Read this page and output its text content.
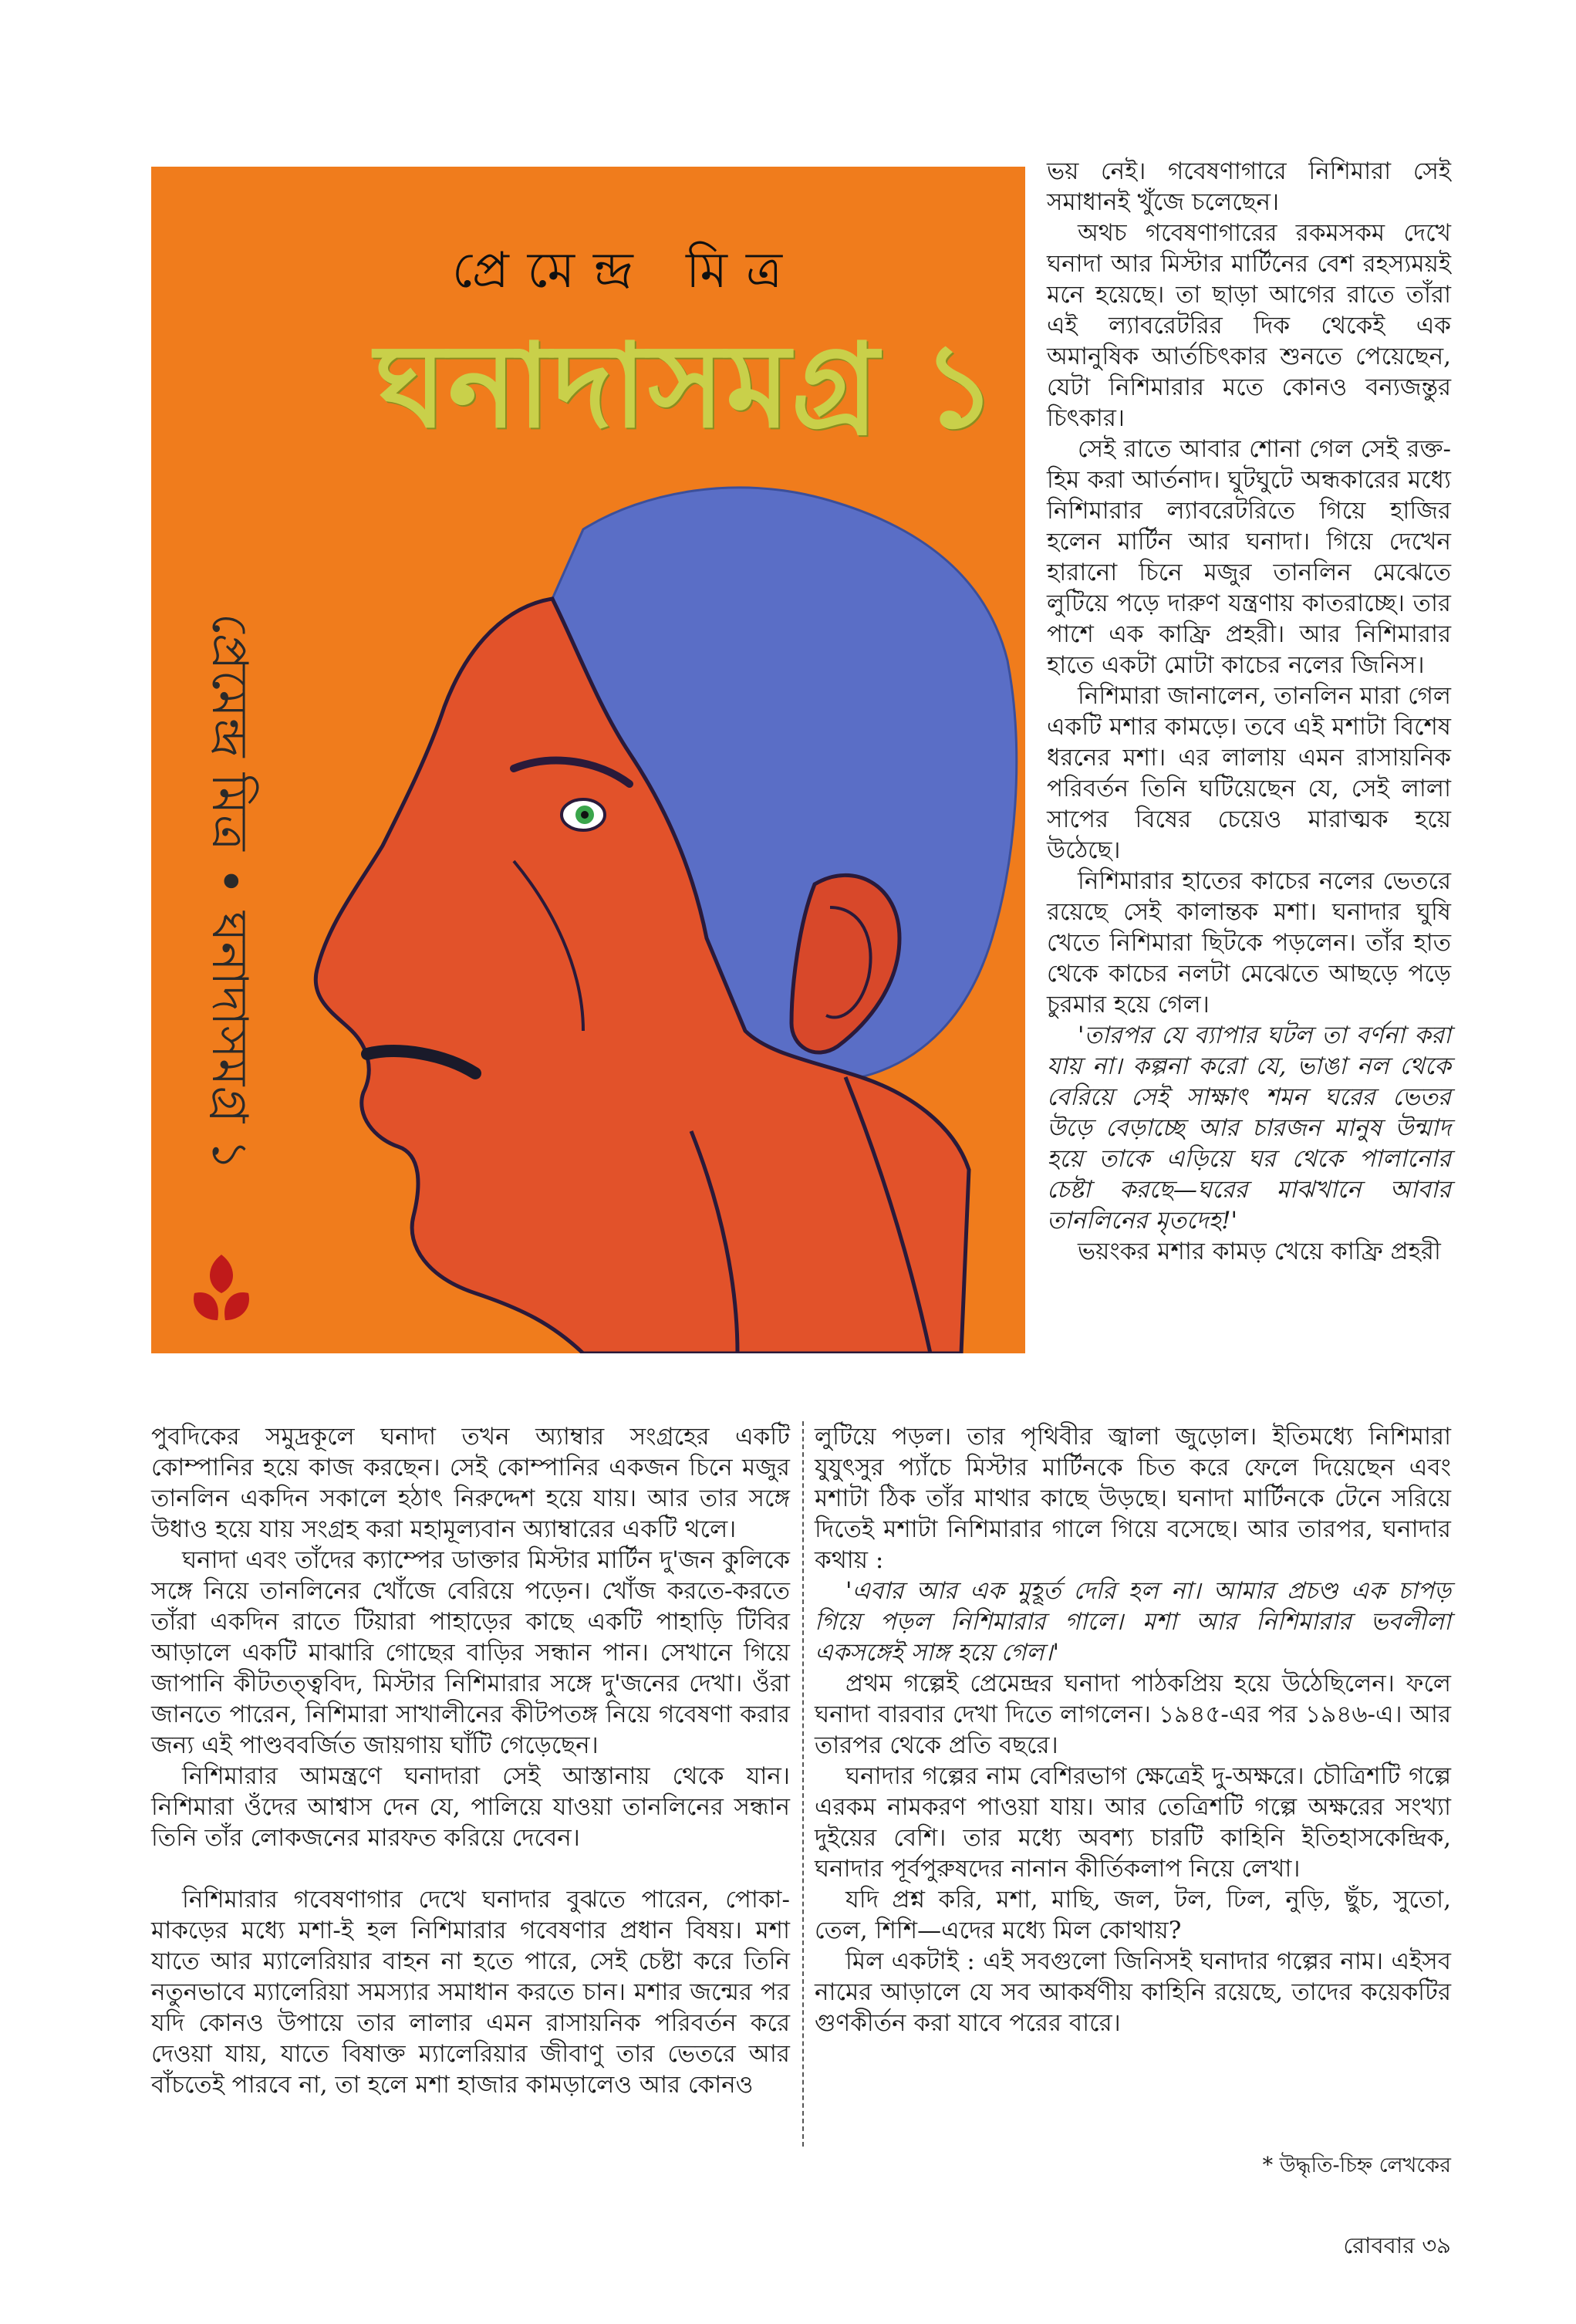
প্রেমেন্দ্র মিত্র
ঘনাদাসমগ্র ১
প্রেমেন্দ্র মিত্র • ঘনাদাসমগ্র ১

ভয় নেই। গবেষণাগারে নিশিমারা সেই সমাধানই খুঁজে চলেছেন।

অথচ গবেষণাগারের রকমসকম দেখে ঘনাদা আর মিস্টার মার্টিনের বেশ রহস্যময়ই মনে হয়েছে। তা ছাড়া আগের রাতে তাঁরা এই ল্যাবরেটরির দিক থেকেই এক অমানুষিক আর্তচিৎকার শুনতে পেয়েছেন, যেটা নিশিমারার মতে কোনও বন্যজন্তুর চিৎকার।

সেই রাতে আবার শোনা গেল সেই রক্ত-হিম করা আর্তনাদ। ঘুটঘুটে অন্ধকারের মধ্যে নিশিমারার ল্যাবরেটরিতে গিয়ে হাজির হলেন মার্টিন আর ঘনাদা। গিয়ে দেখেন হারানো চিনে মজুর তানলিন মেঝেতে লুটিয়ে পড়ে দারুণ যন্ত্রণায় কাতরাচ্ছে। তার পাশে এক কাফ্রি প্রহরী। আর নিশিমারার হাতে একটা মোটা কাচের নলের জিনিস।

নিশিমারা জানালেন, তানলিন মারা গেল একটি মশার কামড়ে। তবে এই মশাটা বিশেষ ধরনের মশা। এর লালায় এমন রাসায়নিক পরিবর্তন তিনি ঘটিয়েছেন যে, সেই লালা সাপের বিষের চেয়েও মারাত্মক হয়ে উঠেছে।

নিশিমারার হাতের কাচের নলের ভেতরে রয়েছে সেই কালান্তক মশা। ঘনাদার ঘুষি খেতে নিশিমারা ছিটকে পড়লেন। তাঁর হাত থেকে কাচের নলটা মেঝেতে আছড়ে পড়ে চুরমার হয়ে গেল।

'তারপর যে ব্যাপার ঘটল তা বর্ণনা করা যায় না। কল্পনা করো যে, ভাঙা নল থেকে বেরিয়ে সেই সাক্ষাৎ শমন ঘরের ভেতর উড়ে বেড়াচ্ছে আর চারজন মানুষ উন্মাদ হয়ে তাকে এড়িয়ে ঘর থেকে পালানোর চেষ্টা করছে—ঘরের মাঝখানে আবার তানলিনের মৃতদেহ!'

ভয়ংকর মশার কামড় খেয়ে কাফ্রি প্রহরী

পুবদিকের সমুদ্রকূলে ঘনাদা তখন অ্যাম্বার সংগ্রহের একটি কোম্পানির হয়ে কাজ করছেন। সেই কোম্পানির একজন চিনে মজুর তানলিন একদিন সকালে হঠাৎ নিরুদ্দেশ হয়ে যায়। আর তার সঙ্গে উধাও হয়ে যায় সংগ্রহ করা মহামূল্যবান অ্যাম্বারের একটি থলে।

ঘনাদা এবং তাঁদের ক্যাম্পের ডাক্তার মিস্টার মার্টিন দু'জন কুলিকে সঙ্গে নিয়ে তানলিনের খোঁজে বেরিয়ে পড়েন। খোঁজ করতে-করতে তাঁরা একদিন রাতে টিয়ারা পাহাড়ের কাছে একটি পাহাড়ি টিবির আড়ালে একটি মাঝারি গোছের বাড়ির সন্ধান পান। সেখানে গিয়ে জাপানি কীটতত্ত্ববিদ, মিস্টার নিশিমারার সঙ্গে দু'জনের দেখা। ওঁরা জানতে পারেন, নিশিমারা সাখালীনের কীটপতঙ্গ নিয়ে গবেষণা করার জন্য এই পাণ্ডববর্জিত জায়গায় ঘাঁটি গেড়েছেন।

নিশিমারার আমন্ত্রণে ঘনাদারা সেই আস্তানায় থেকে যান। নিশিমারা ওঁদের আশ্বাস দেন যে, পালিয়ে যাওয়া তানলিনের সন্ধান তিনি তাঁর লোকজনের মারফত করিয়ে দেবেন।

নিশিমারার গবেষণাগার দেখে ঘনাদার বুঝতে পারেন, পোকা-মাকড়ের মধ্যে মশা-ই হল নিশিমারার গবেষণার প্রধান বিষয়। মশা যাতে আর ম্যালেরিয়ার বাহন না হতে পারে, সেই চেষ্টা করে তিনি নতুনভাবে ম্যালেরিয়া সমস্যার সমাধান করতে চান। মশার জন্মের পর যদি কোনও উপায়ে তার লালার এমন রাসায়নিক পরিবর্তন করে দেওয়া যায়, যাতে বিষাক্ত ম্যালেরিয়ার জীবাণু তার ভেতরে আর বাঁচতেই পারবে না, তা হলে মশা হাজার কামড়ালেও আর কোনও

লুটিয়ে পড়ল। তার পৃথিবীর জ্বালা জুড়োল। ইতিমধ্যে নিশিমারা যুযুৎসুর প্যাঁচে মিস্টার মার্টিনকে চিত করে ফেলে দিয়েছেন এবং মশাটা ঠিক তাঁর মাথার কাছে উড়ছে। ঘনাদা মার্টিনকে টেনে সরিয়ে দিতেই মশাটা নিশিমারার গালে গিয়ে বসেছে। আর তারপর, ঘনাদার কথায় :

'এবার আর এক মুহূর্ত দেরি হল না। আমার প্রচণ্ড এক চাপড় গিয়ে পড়ল নিশিমারার গালে। মশা আর নিশিমারার ভবলীলা একসঙ্গেই সাঙ্গ হয়ে গেল।'

প্রথম গল্পেই প্রেমেন্দ্রর ঘনাদা পাঠকপ্রিয় হয়ে উঠেছিলেন। ফলে ঘনাদা বারবার দেখা দিতে লাগলেন। ১৯৪৫-এর পর ১৯৪৬-এ। আর তারপর থেকে প্রতি বছরে।

ঘনাদার গল্পের নাম বেশিরভাগ ক্ষেত্রেই দু-অক্ষরে। চৌত্রিশটি গল্পে এরকম নামকরণ পাওয়া যায়। আর তেত্রিশটি গল্পে অক্ষরের সংখ্যা দুইয়ের বেশি। তার মধ্যে অবশ্য চারটি কাহিনি ইতিহাসকেন্দ্রিক, ঘনাদার পূর্বপুরুষদের নানান কীর্তিকলাপ নিয়ে লেখা।

যদি প্রশ্ন করি, মশা, মাছি, জল, টল, ঢিল, নুড়ি, ছুঁচ, সুতো, তেল, শিশি—এদের মধ্যে মিল কোথায়?

মিল একটাই : এই সবগুলো জিনিসই ঘনাদার গল্পের নাম। এইসব নামের আড়ালে যে সব আকর্ষণীয় কাহিনি রয়েছে, তাদের কয়েকটির গুণকীর্তন করা যাবে পরের বারে।

* উদ্ধৃতি-চিহ্ন লেখকের
রোববার ৩৯
